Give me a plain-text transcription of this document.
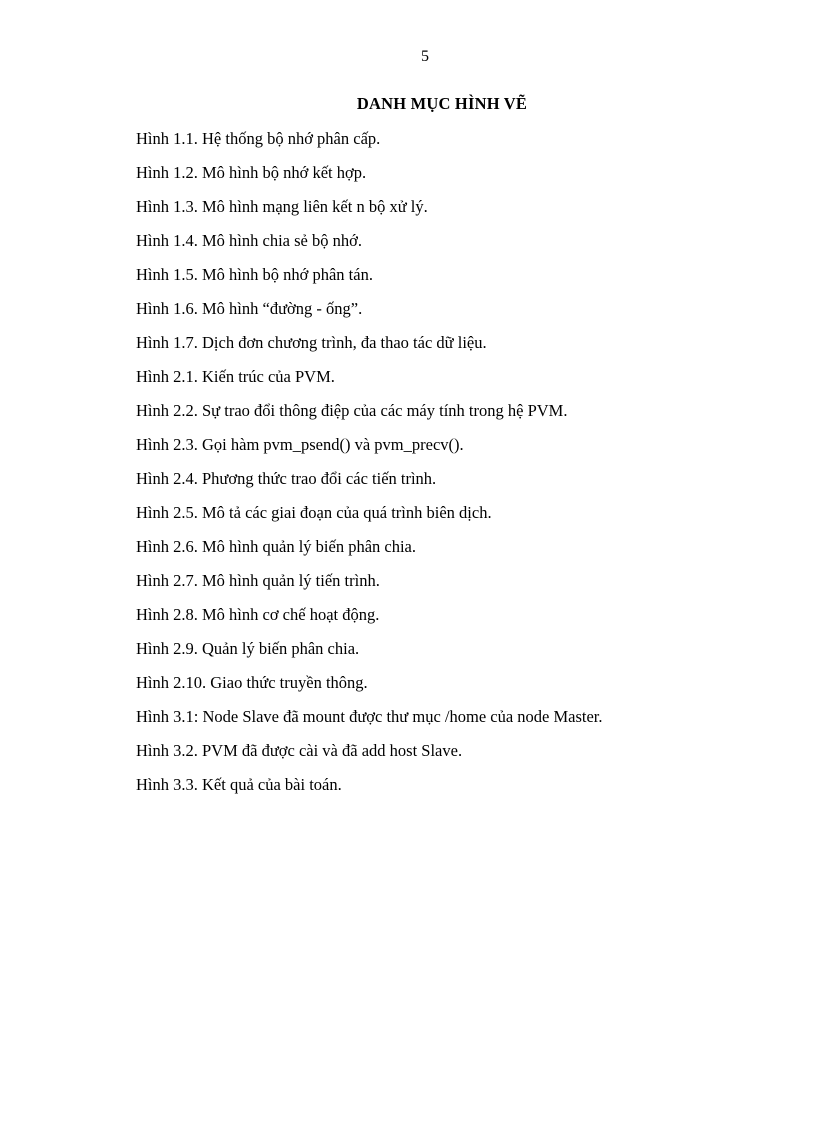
5
DANH MỤC HÌNH VẼ
Hình 1.1. Hệ thống bộ nhớ phân cấp.
Hình 1.2. Mô hình bộ nhớ kết hợp.
Hình 1.3. Mô hình mạng liên kết n bộ xử lý.
Hình 1.4. Mô hình chia sẻ bộ nhớ.
Hình 1.5. Mô hình bộ nhớ phân tán.
Hình 1.6. Mô hình “đường - ống”.
Hình 1.7. Dịch đơn chương trình, đa thao tác dữ liệu.
Hình 2.1. Kiến trúc của PVM.
Hình 2.2. Sự trao đổi thông điệp của các máy tính trong hệ PVM.
Hình 2.3. Gọi hàm pvm_psend() và pvm_precv().
Hình 2.4. Phương thức trao đổi các tiến trình.
Hình 2.5. Mô tả các giai đoạn của quá trình biên dịch.
Hình 2.6. Mô hình quản lý biến phân chia.
Hình 2.7. Mô hình quản lý tiến trình.
Hình 2.8. Mô hình cơ chế hoạt động.
Hình 2.9. Quản lý biến phân chia.
Hình 2.10. Giao thức truyền thông.
Hình 3.1: Node Slave đã mount được thư mục /home của node Master.
Hình 3.2. PVM đã được cài và đã add host Slave.
Hình 3.3. Kết quả của bài toán.
